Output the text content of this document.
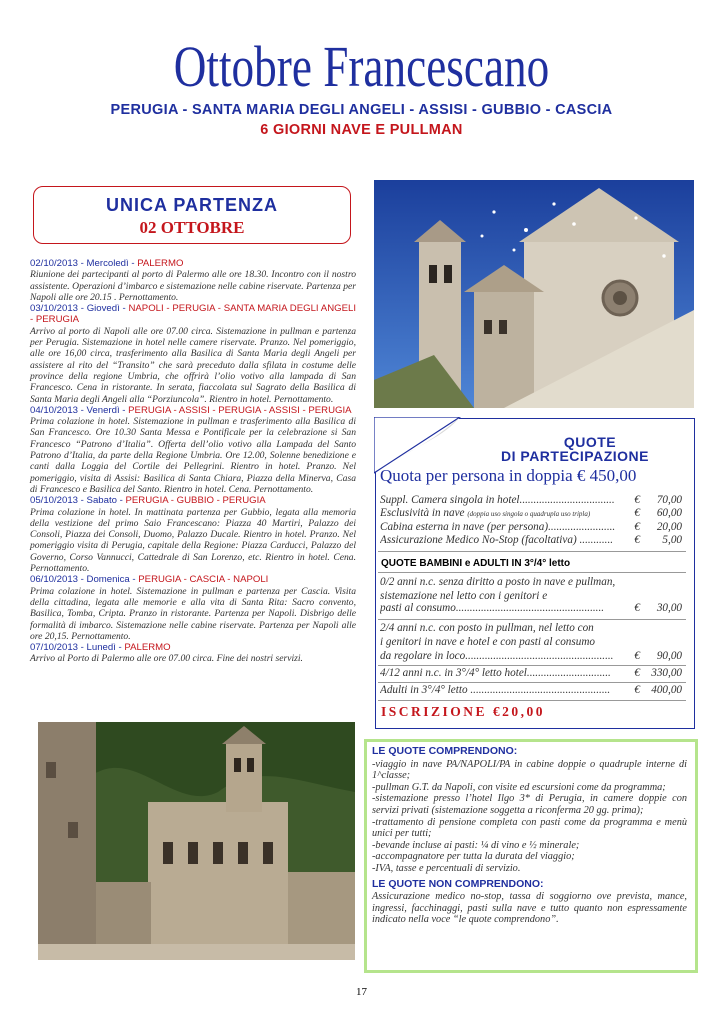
Ottobre Francescano
PERUGIA - SANTA MARIA DEGLI ANGELI - ASSISI - GUBBIO - CASCIA
6 GIORNI NAVE E PULLMAN
UNICA PARTENZA
02 OTTOBRE

02/10/2013 - Mercoledì - PALERMO
Riunione dei partecipanti al porto di Palermo alle ore 18.30. Incontro con il nostro assistente. Operazioni d’imbarco e sistemazione nelle cabine riservate. Partenza per Napoli alle ore 20.15 . Pernottamento.

03/10/2013 - Giovedì - NAPOLI - PERUGIA - SANTA MARIA DEGLI ANGELI - PERUGIA
Arrivo al porto di Napoli alle ore 07.00 circa. Sistemazione in pullman e partenza per Perugia. Sistemazione in hotel nelle camere riservate. Pranzo. Nel pomeriggio, alle ore 16,00 circa, trasferimento alla Basilica di Santa Maria degli Angeli per assistere al rito del “Transito” che sarà preceduto dalla sfilata in costume delle province della regione Umbria, che offrirà l’olio votivo alla lampada di San Francesco. Cena in ristorante. In serata, fiaccolata sul Sagrato della Basilica di Santa Maria degli Angeli alla “Porziuncola”. Rientro in hotel. Pernottamento.

04/10/2013 - Venerdì - PERUGIA - ASSISI - PERUGIA - ASSISI - PERUGIA
Prima colazione in hotel. Sistemazione in pullman e trasferimento alla Basilica di San Francesco. Ore 10.30 Santa Messa e Pontificale per la celebrazione si San Francesco “Patrono d’Italia”. Offerta dell’olio votivo alla Lampada del Santo Patrono d’Italia, da parte della Regione Umbria. Ore 12.00, Solenne benedizione e canti dalla Loggia del Cortile dei Pellegrini. Rientro in hotel. Pranzo. Nel pomeriggio, visita di Assisi: Basilica di Santa Chiara, Piazza della Minerva, Casa di Francesco e Basilica del Santo. Rientro in hotel. Cena. Pernottamento.

05/10/2013 - Sabato - PERUGIA - GUBBIO - PERUGIA
Prima colazione in hotel. In mattinata partenza per Gubbio, legata alla memoria della vestizione del primo Saio Francescano: Piazza 40 Martiri, Palazzo dei Consoli, Piazza dei Consoli, Duomo, Palazzo Ducale. Rientro in hotel. Pranzo. Nel pomeriggio visita di Perugia, capitale della Regione: Piazza Carducci, Palazzo del Governo, Corso Vannucci, Cattedrale di San Lorenzo, etc. Rientro in hotel. Cena. Pernottamento.

06/10/2013 - Domenica - PERUGIA - CASCIA - NAPOLI
Prima colazione in hotel. Sistemazione in pullman e partenza per Cascia. Visita della cittadina, legata alle memorie e alla vita di Santa Rita: Sacro convento, Basilica, Tomba, Cripta. Pranzo in ristorante. Partenza per Napoli. Disbrigo delle formalità di imbarco. Sistemazione nelle cabine riservate. Partenza per Napoli alle ore 20,15. Pernottamento.

07/10/2013 - Lunedì - PALERMO
Arrivo al Porto di Palermo alle ore 07.00 circa. Fine dei nostri servizi.

QUOTE
DI PARTECIPAZIONE
Quota per persona in doppia € 450,00
Suppl. Camera singola in hotel..................................	€	70,00
Esclusività in nave (doppia uso singola o quadrupla uso tripla)	€	60,00
Cabina esterna in nave (per persona)........................	€	20,00
Assicurazione Medico No-Stop (facoltativa) ............	€	5,00
QUOTE BAMBINI e ADULTI IN 3°/4° letto
0/2 anni n.c. senza diritto a posto in nave e pullman,
sistemazione nel letto con i genitori e
pasti al consumo.....................................................	€	30,00
2/4 anni n.c. con posto in pullman, nel letto con
i genitori in nave e hotel e con pasti al consumo
da regolare in loco.....................................................	€	90,00
4/12 anni n.c. in 3°/4° letto hotel..............................	€	330,00
Adulti in 3°/4° letto ..................................................	€	400,00
ISCRIZIONE €20,00
LE QUOTE COMPRENDONO:

-viaggio in nave PA/NAPOLI/PA in cabine doppie o quadruple interne di 1^classe;

-pullman G.T. da Napoli, con visite ed escursioni come da programma;

-sistemazione presso l’hotel Ilgo 3* di Perugia, in camere doppie con servizi privati (sistemazione soggetta a riconferma 20 gg. prima);

-trattamento di pensione completa con pasti come da programma e menù unici per tutti;

-bevande incluse ai pasti: ¼ di vino e ½ minerale;

-accompagnatore per tutta la durata del viaggio;

-IVA, tasse e percentuali di servizio.

LE QUOTE NON COMPRENDONO:

Assicurazione medico no-stop, tassa di soggiorno ove prevista, mance, ingressi, facchinaggi, pasti sulla nave e tutto quanto non espressamente indicato nella voce “le quote comprendono”.

17
